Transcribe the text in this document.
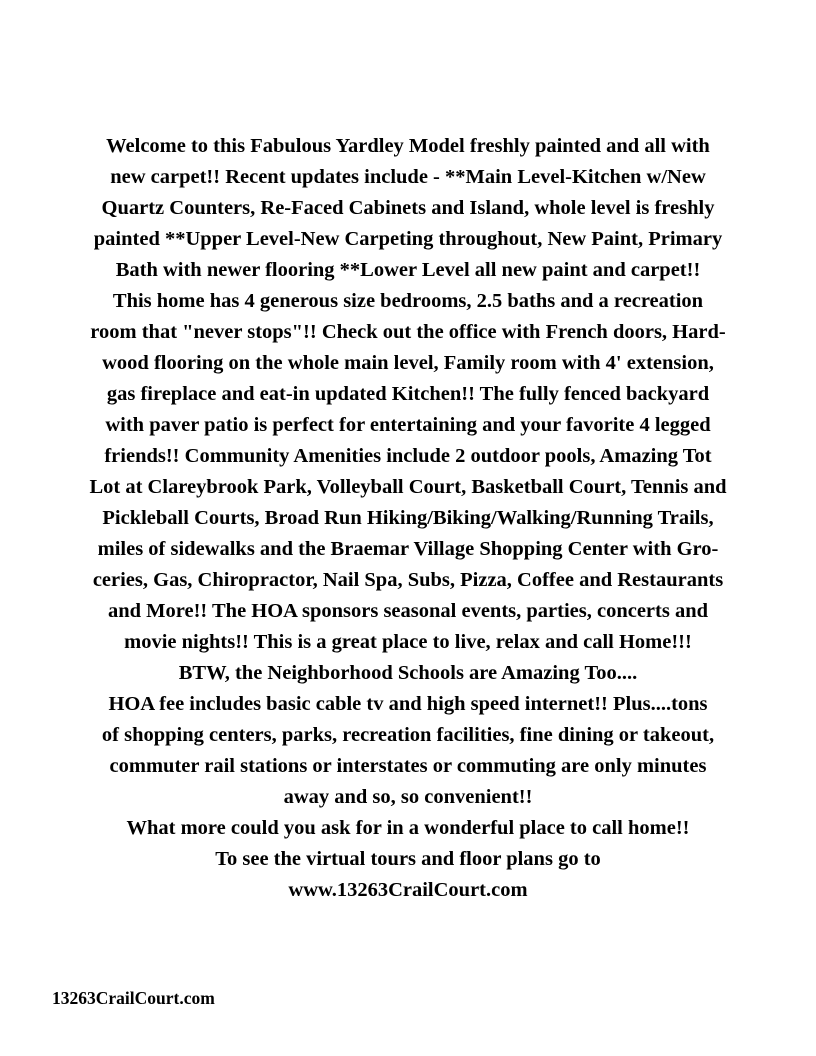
Welcome to this Fabulous Yardley Model freshly painted and all with
new carpet!! Recent updates include - **Main Level-Kitchen w/New
Quartz Counters, Re-Faced Cabinets and Island, whole level is freshly
painted **Upper Level-New Carpeting throughout, New Paint, Primary
Bath with newer flooring **Lower Level all new paint and carpet!!

This home has 4 generous size bedrooms, 2.5 baths and a recreation
room that "never stops"!! Check out the office with French doors, Hard-
wood flooring on the whole main level, Family room with 4' extension,
gas fireplace and eat-in updated Kitchen!! The fully fenced backyard
with paver patio is perfect for entertaining and your favorite 4 legged
friends!! Community Amenities include 2 outdoor pools, Amazing Tot
Lot at Clareybrook Park, Volleyball Court, Basketball Court, Tennis and
Pickleball Courts, Broad Run Hiking/Biking/Walking/Running Trails,
miles of sidewalks and the Braemar Village Shopping Center with Gro-
ceries, Gas, Chiropractor, Nail Spa, Subs, Pizza, Coffee and Restaurants
and More!! The HOA sponsors seasonal events, parties, concerts and
movie nights!! This is a great place to live, relax and call Home!!!
BTW, the Neighborhood Schools are Amazing Too....

HOA fee includes basic cable tv and high speed internet!! Plus....tons
of shopping centers, parks, recreation facilities, fine dining or takeout,
commuter rail stations or interstates or commuting are only minutes
away and so, so convenient!!

What more could you ask for in a wonderful place to call home!!

To see the virtual tours and floor plans go to
www.13263CrailCourt.com

13263CrailCourt.com
